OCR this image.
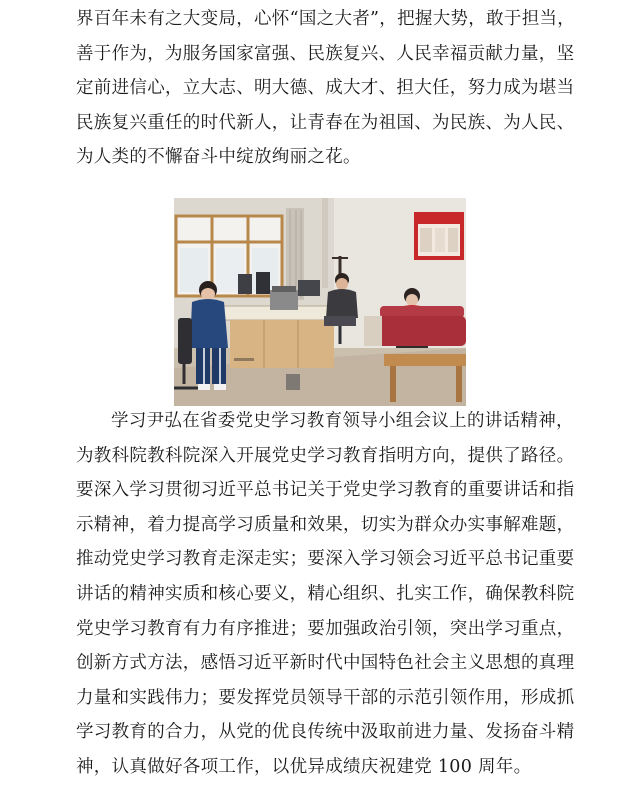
界百年未有之大变局，心怀“国之大者”，把握大势，敢于担当，
善于作为，为服务国家富强、民族复兴、人民幸福贡献力量，坚
定前进信心，立大志、明大德、成大才、担大任，努力成为堪当
民族复兴重任的时代新人，让青春在为祖国、为民族、为人民、
为人类的不懈奋斗中绽放绚丽之花。
学习尹弘在省委党史学习教育领导小组会议上的讲话精神，
为教科院教科院深入开展党史学习教育指明方向，提供了路径。
要深入学习贯彻习近平总书记关于党史学习教育的重要讲话和指
示精神，着力提高学习质量和效果，切实为群众办实事解难题，
推动党史学习教育走深走实；要深入学习领会习近平总书记重要
讲话的精神实质和核心要义，精心组织、扎实工作，确保教科院
党史学习教育有力有序推进；要加强政治引领，突出学习重点，
创新方式方法，感悟习近平新时代中国特色社会主义思想的真理
力量和实践伟力；要发挥党员领导干部的示范引领作用，形成抓
学习教育的合力，从党的优良传统中汲取前进力量、发扬奋斗精
神，认真做好各项工作，以优异成绩庆祝建党 100 周年。
